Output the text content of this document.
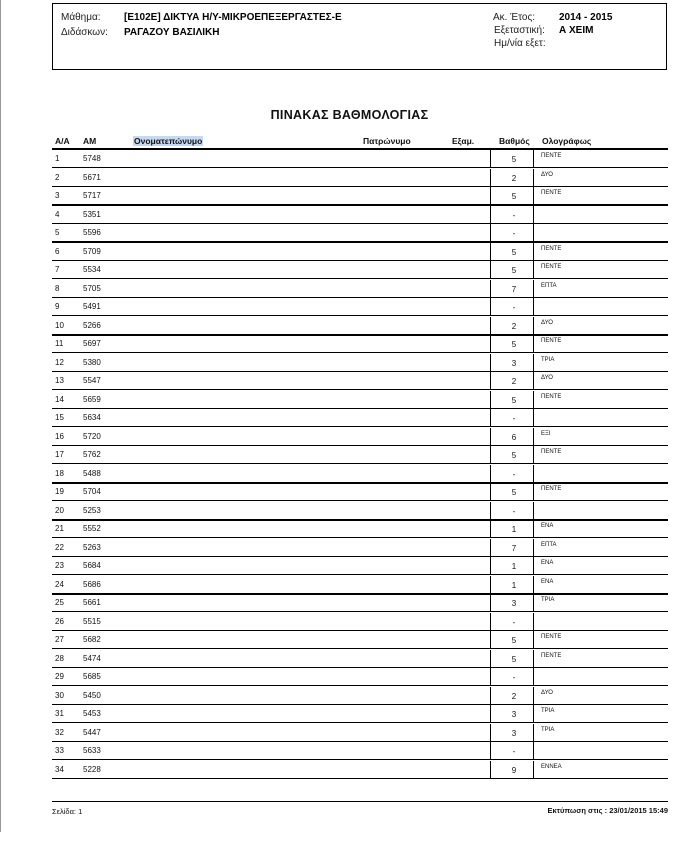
Μάθημα: [Ε102Ε] ΔΙΚΤΥΑ Η/Υ-ΜΙΚΡΟΕΠΕΞΕΡΓΑΣΤΕΣ-Ε
Διδάσκων: ΡΑΓΑΖΟΥ ΒΑΣΙΛΙΚΗ
Ακ. Έτος: 2014 - 2015
Εξεταστική: Α ΧΕΙΜ
Ημ/νία εξετ:
ΠΙΝΑΚΑΣ ΒΑΘΜΟΛΟΓΙΑΣ
Α/Α ΑΜ	Ονοματεπώνυμο	Πατρώνυμο	Εξαμ.	Βαθμός Ολογράφως
1	5748	5	ΠΕΝΤΕ
2	5671	2	ΔΥΟ
3	5717	5	ΠΕΝΤΕ
4	5351	-
5	5596	-
6	5709	5	ΠΕΝΤΕ
7	5534	5	ΠΕΝΤΕ
8	5705	7	ΕΠΤΑ
9	5491	-
10 5266	2	ΔΥΟ
11 5697	5	ΠΕΝΤΕ
12 5380	3	ΤΡΙΑ
13 5547	2	ΔΥΟ
14 5659	5	ΠΕΝΤΕ
15 5634	-
16 5720	6	ΕΞΙ
17 5762	5	ΠΕΝΤΕ
18 5488	-
19 5704	5	ΠΕΝΤΕ
20 5253	-
21 5552	1	ΕΝΑ
22 5263	7	ΕΠΤΑ
23 5684	1	ΕΝΑ
24 5686	1	ΕΝΑ
25 5661	3	ΤΡΙΑ
26 5515	-
27 5682	5	ΠΕΝΤΕ
28 5474	5	ΠΕΝΤΕ
29 5685	-
30 5450	2	ΔΥΟ
31 5453	3	ΤΡΙΑ
32 5447	3	ΤΡΙΑ
33 5633	-
34 5228	9	ΕΝΝΕΑ
Σελίδα: 1	Εκτύπωση στις : 23/01/2015 15:49
